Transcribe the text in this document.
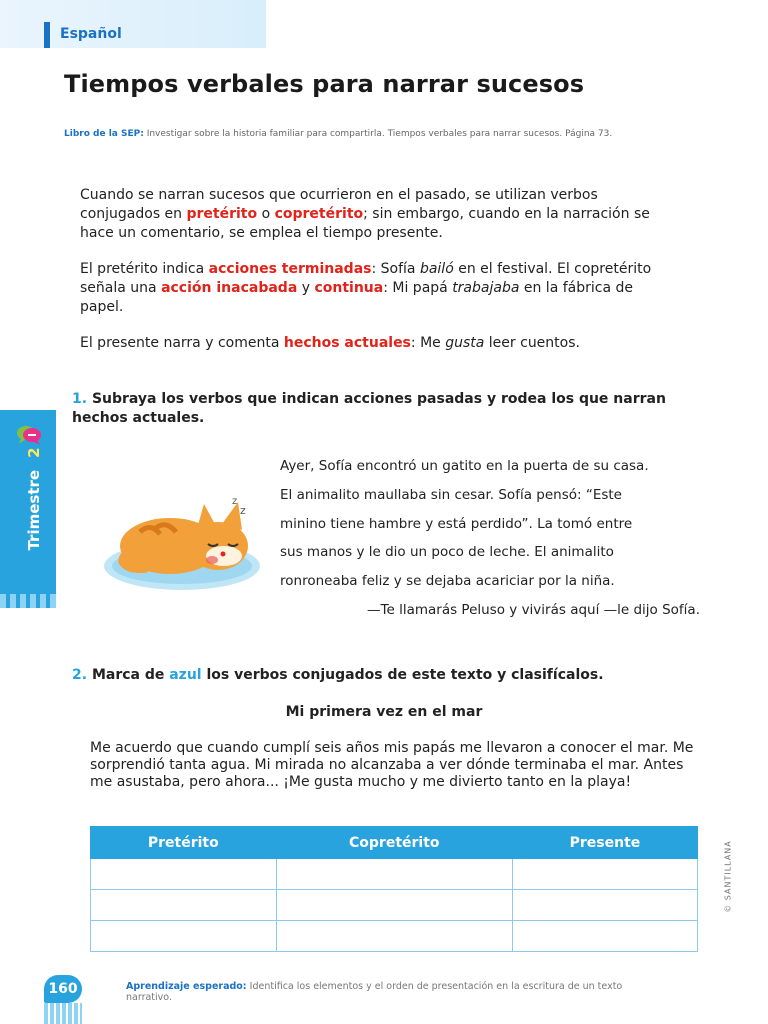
Español
Tiempos verbales para narrar sucesos
Libro de la SEP: Investigar sobre la historia familiar para compartirla. Tiempos verbales para narrar sucesos. Página 73.
Cuando se narran sucesos que ocurrieron en el pasado, se utilizan verbos conjugados en pretérito o copretérito; sin embargo, cuando en la narración se hace un comentario, se emplea el tiempo presente.
El pretérito indica acciones terminadas: Sofía bailó en el festival. El copretérito señala una acción inacabada y continua: Mi papá trabajaba en la fábrica de papel.
El presente narra y comenta hechos actuales: Me gusta leer cuentos.
Trimestre
2
1. Subraya los verbos que indican acciones pasadas y rodea los que narran hechos actuales.
z
z

Ayer, Sofía encontró un gatito en la puerta de su casa.

El animalito maullaba sin cesar. Sofía pensó: “Este

minino tiene hambre y está perdido”. La tomó entre

sus manos y le dio un poco de leche. El animalito

ronroneaba feliz y se dejaba acariciar por la niña.

—Te llamarás Peluso y vivirás aquí —le dijo Sofía.

2. Marca de azul los verbos conjugados de este texto y clasifícalos.
Mi primera vez en el mar
Me acuerdo que cuando cumplí seis años mis papás me llevaron a conocer el mar. Me sorprendió tanta agua. Mi mirada no alcanzaba a ver dónde terminaba el mar. Antes me asustaba, pero ahora... ¡Me gusta mucho y me divierto tanto en la playa!
Pretérito	Copretérito	Presente

			© SANTILLANA
160	Aprendizaje esperado: Identifica los elementos y el orden de presentación en la escritura de un texto narrativo.
